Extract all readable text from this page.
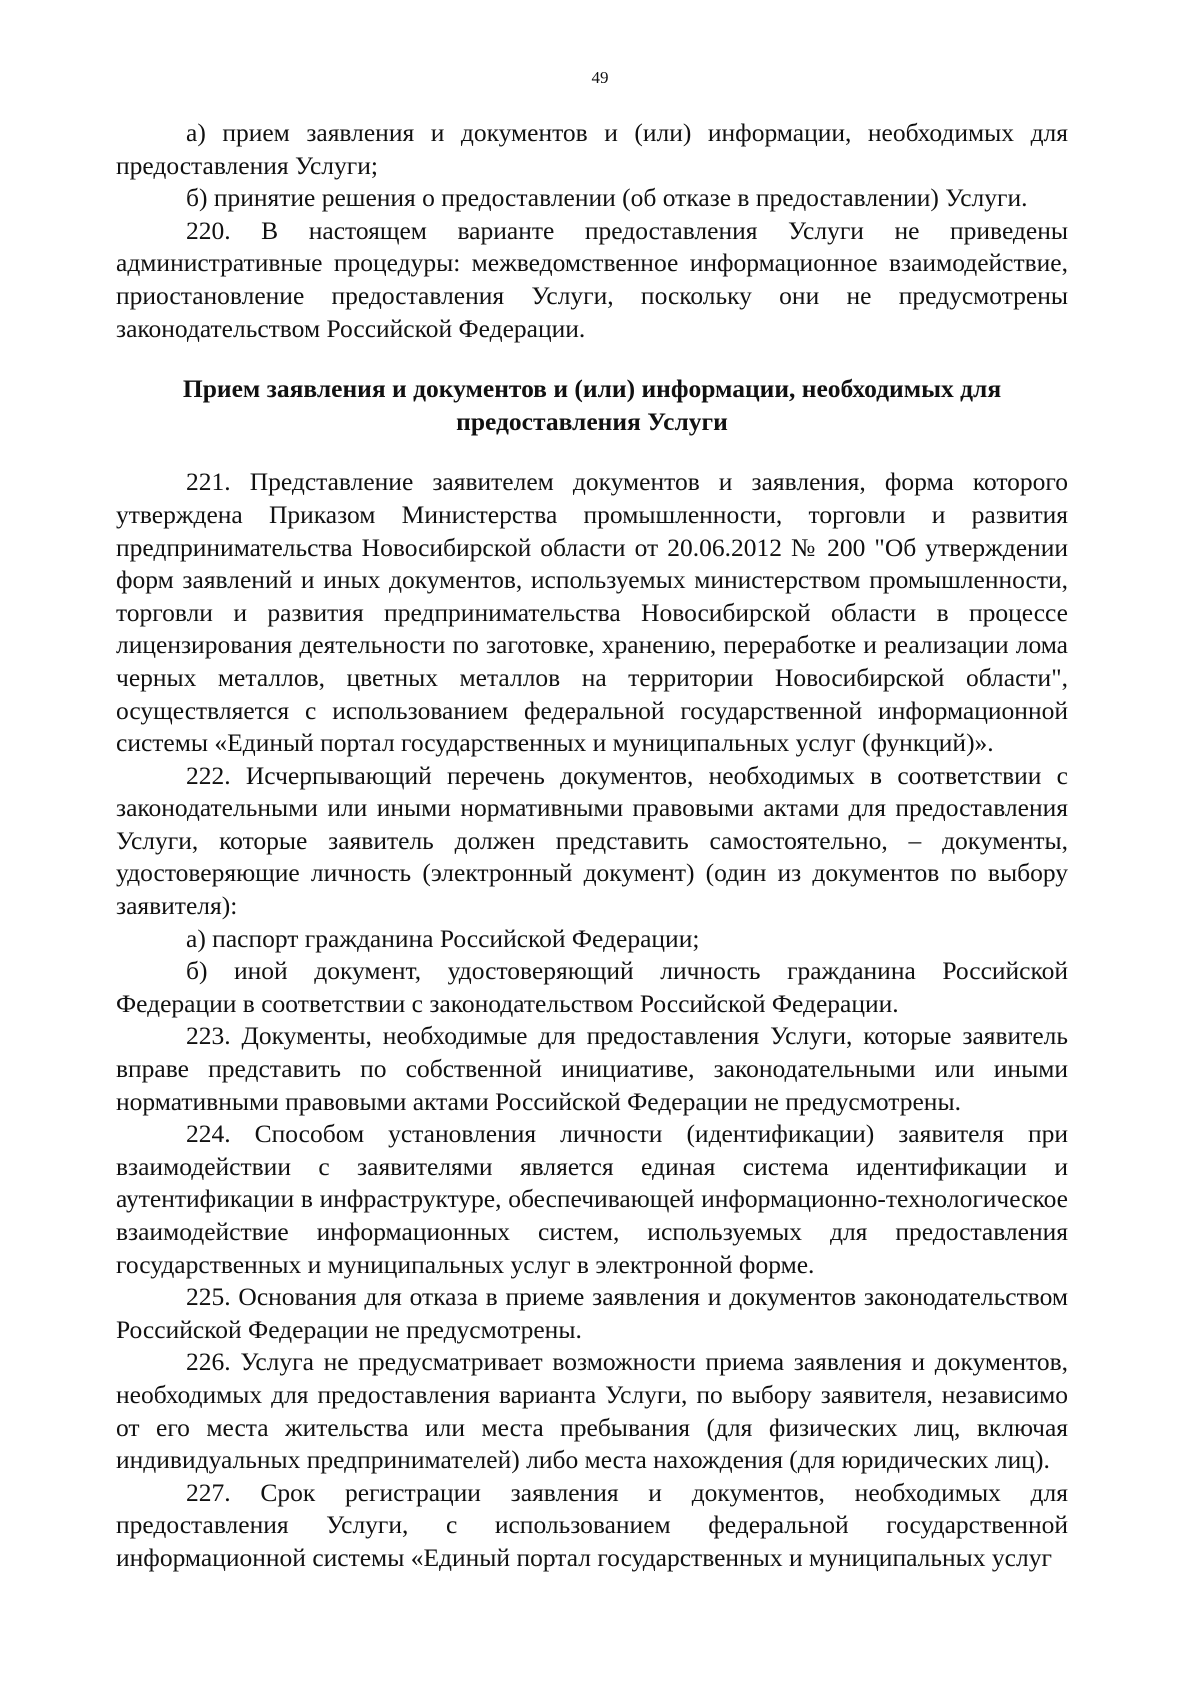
49

а) прием заявления и документов и (или) информации, необходимых для предоставления Услуги;

б) принятие решения о предоставлении (об отказе в предоставлении) Услуги.

220. В настоящем варианте предоставления Услуги не приведены административные процедуры: межведомственное информационное взаимодействие, приостановление предоставления Услуги, поскольку они не предусмотрены законодательством Российской Федерации.

Прием заявления и документов и (или) информации, необходимых для
предоставления Услуги

221. Представление заявителем документов и заявления, форма которого утверждена Приказом Министерства промышленности, торговли и развития предпринимательства Новосибирской области от 20.06.2012 № 200 "Об утверждении форм заявлений и иных документов, используемых министерством промышленности, торговли и развития предпринимательства Новосибирской области в процессе лицензирования деятельности по заготовке, хранению, переработке и реализации лома черных металлов, цветных металлов на территории Новосибирской области", осуществляется с использованием федеральной государственной информационной системы «Единый портал государственных и муниципальных услуг (функций)».

222. Исчерпывающий перечень документов, необходимых в соответствии с законодательными или иными нормативными правовыми актами для предоставления Услуги, которые заявитель должен представить самостоятельно, – документы, удостоверяющие личность (электронный документ) (один из документов по выбору заявителя):

а) паспорт гражданина Российской Федерации;

б) иной документ, удостоверяющий личность гражданина Российской Федерации в соответствии с законодательством Российской Федерации.

223. Документы, необходимые для предоставления Услуги, которые заявитель вправе представить по собственной инициативе, законодательными или иными нормативными правовыми актами Российской Федерации не предусмотрены.

224. Способом установления личности (идентификации) заявителя при взаимодействии с заявителями является единая система идентификации и аутентификации в инфраструктуре, обеспечивающей информационно-технологическое взаимодействие информационных систем, используемых для предоставления государственных и муниципальных услуг в электронной форме.

225. Основания для отказа в приеме заявления и документов законодательством Российской Федерации не предусмотрены.

226. Услуга не предусматривает возможности приема заявления и документов, необходимых для предоставления варианта Услуги, по выбору заявителя, независимо от его места жительства или места пребывания (для физических лиц, включая индивидуальных предпринимателей) либо места нахождения (для юридических лиц).

227. Срок регистрации заявления и документов, необходимых для предоставления Услуги, с использованием федеральной государственной информационной системы «Единый портал государственных и муниципальных услуг
